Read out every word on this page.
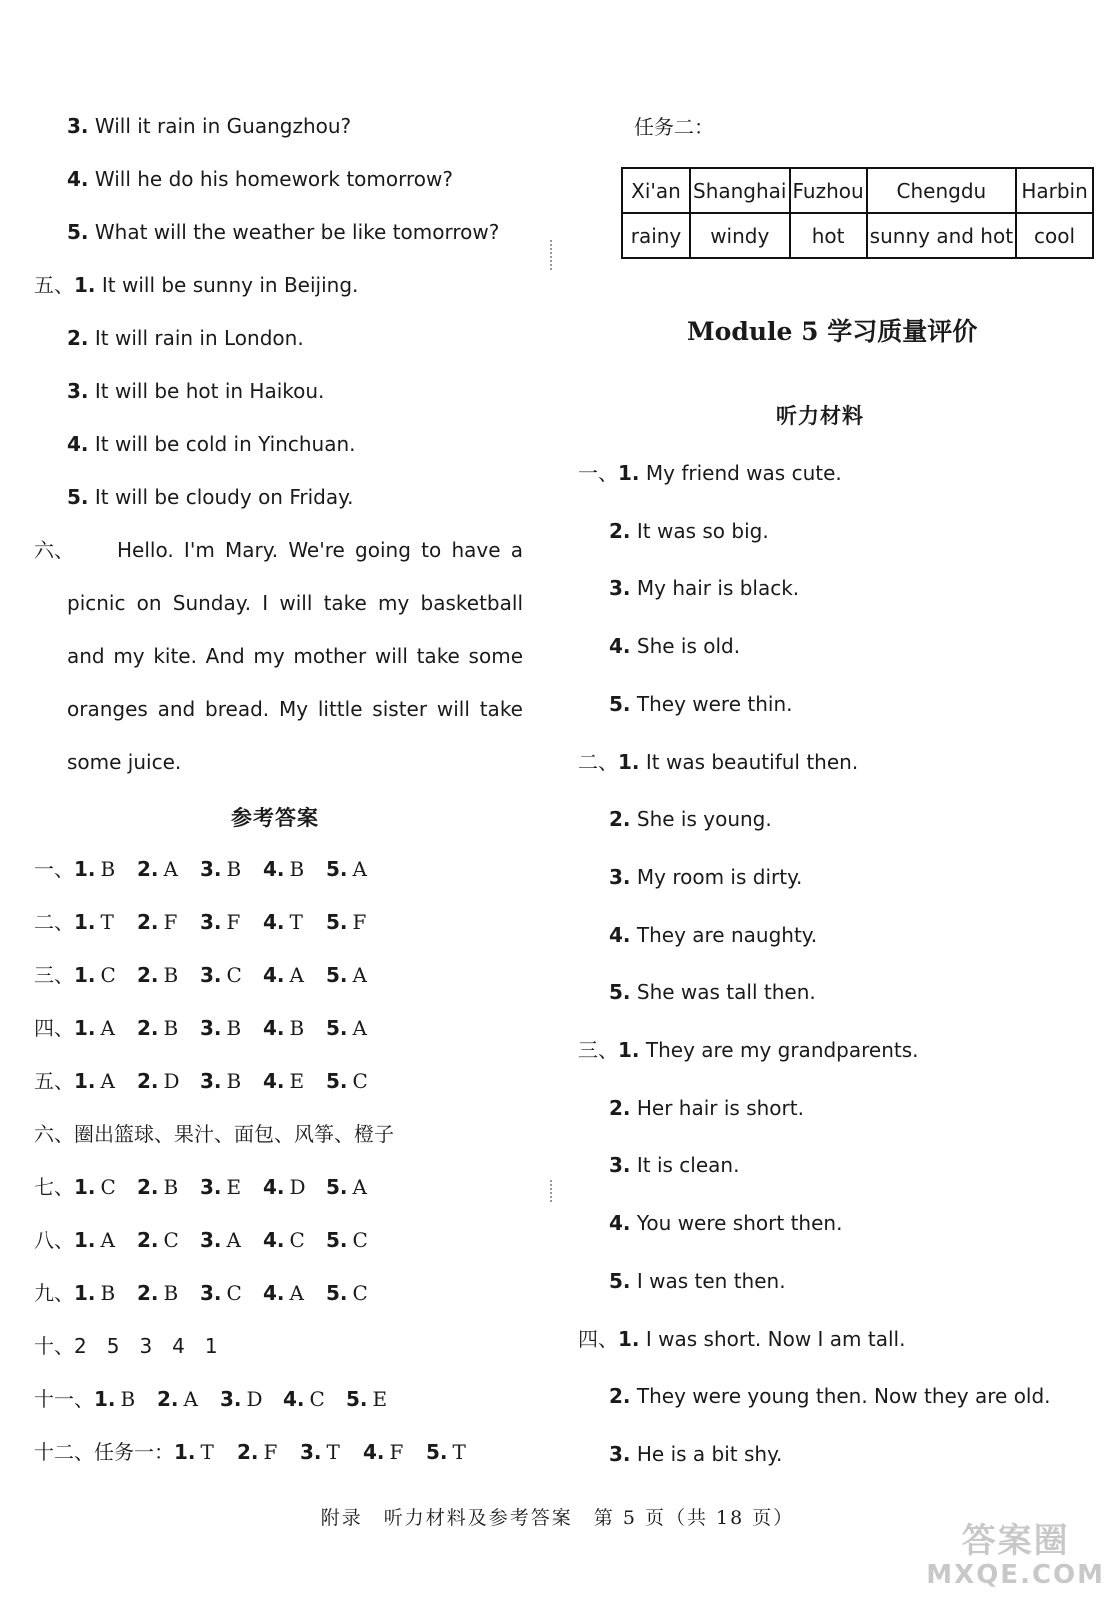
3. Will it rain in Guangzhou?
4. Will he do his homework tomorrow?
5. What will the weather be like tomorrow?
五、1. It will be sunny in Beijing.
2. It will rain in London.
3. It will be hot in Haikou.
4. It will be cold in Yinchuan.
5. It will be cloudy on Friday.
六、 Hello. I'm Mary. We're going to have a picnic on Sunday. I will take my basketball and my kite. And my mother will take some oranges and bread. My little sister will take some juice.
参考答案
一、 1. B 2. A 3. B 4. B 5. A
二、 1. T 2. F 3. F 4. T 5. F
三、 1. C 2. B 3. C 4. A 5. A
四、 1. A 2. B 3. B 4. B 5. A
五、 1. A 2. D 3. B 4. E 5. C
六、圈出篮球、果汁、面包、风筝、橙子
七、 1. C 2. B 3. E 4. D 5. A
八、 1. A 2. C 3. A 4. C 5. C
九、 1. B 2. B 3. C 4. A 5. C
十、2　5　3　4　1
十一、 1. B 2. A 3. D 4. C 5. E
十二、任务一： 1. T 2. F 3. T 4. F 5. T
任务二：
Xi'an	Shanghai	Fuzhou	Chengdu	Harbin
rainy	windy	hot	sunny and hot	cool
Module 5 学习质量评价
听力材料
一、1. My friend was cute.
2. It was so big.
3. My hair is black.
4. She is old.
5. They were thin.
二、1. It was beautiful then.
2. She is young.
3. My room is dirty.
4. They are naughty.
5. She was tall then.
三、1. They are my grandparents.
2. Her hair is short.
3. It is clean.
4. You were short then.
5. I was ten then.
四、1. I was short. Now I am tall.
2. They were young then. Now they are old.
3. He is a bit shy.
附录　听力材料及参考答案　第 5 页（共 18 页）
答案圈
MXQE.COM
